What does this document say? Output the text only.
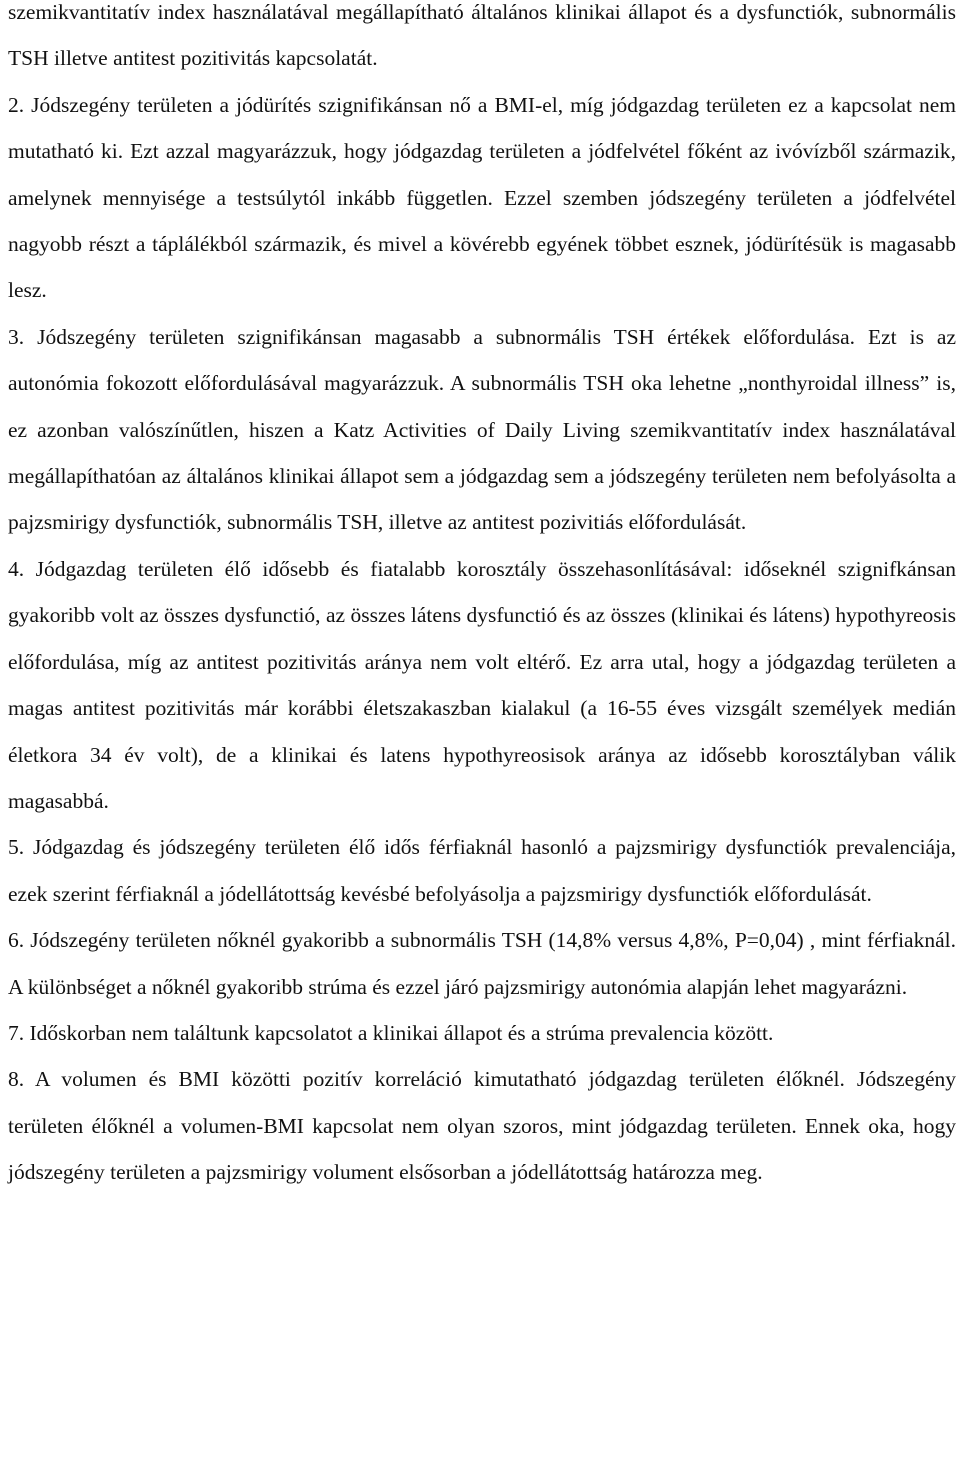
szemikvantitatív index használatával megállapítható általános klinikai állapot és a dysfunctiók, subnormális TSH illetve antitest pozitivitás kapcsolatát.

2. Jódszegény területen a jódürítés szignifikánsan nő a BMI-el, míg jódgazdag területen ez a kapcsolat nem mutatható ki. Ezt azzal magyarázzuk, hogy jódgazdag területen a jódfelvétel főként az ivóvízből származik, amelynek mennyisége a testsúlytól inkább független. Ezzel szemben jódszegény területen a jódfelvétel nagyobb részt a táplálékból származik, és mivel a kövérebb egyének többet esznek, jódürítésük is magasabb lesz.

3. Jódszegény területen szignifikánsan magasabb a subnormális TSH értékek előfordulása. Ezt is az autonómia fokozott előfordulásával magyarázzuk. A subnormális TSH oka lehetne „nonthyroidal illness” is, ez azonban valószínűtlen, hiszen a Katz Activities of Daily Living szemikvantitatív index használatával megállapíthatóan az általános klinikai állapot sem a jódgazdag sem a jódszegény területen nem befolyásolta a pajzsmirigy dysfunctiók, subnormális TSH, illetve az antitest pozivitiás előfordulását.

4. Jódgazdag területen élő idősebb és fiatalabb korosztály összehasonlításával: időseknél szignifkánsan gyakoribb volt az összes dysfunctió, az összes látens dysfunctió és az összes (klinikai és látens) hypothyreosis előfordulása, míg az antitest pozitivitás aránya nem volt eltérő. Ez arra utal, hogy a jódgazdag területen a magas antitest pozitivitás már korábbi életszakaszban kialakul (a 16-55 éves vizsgált személyek medián életkora 34 év volt), de a klinikai és latens hypothyreosisok aránya az idősebb korosztályban válik magasabbá.

5. Jódgazdag és jódszegény területen élő idős férfiaknál hasonló a pajzsmirigy dysfunctiók prevalenciája, ezek szerint férfiaknál a jódellátottság kevésbé befolyásolja a pajzsmirigy dysfunctiók előfordulását.

6. Jódszegény területen nőknél gyakoribb a subnormális TSH (14,8% versus 4,8%, P=0,04) , mint férfiaknál. A különbséget a nőknél gyakoribb strúma és ezzel járó pajzsmirigy autonómia alapján lehet magyarázni.

7. Időskorban nem találtunk kapcsolatot a klinikai állapot és a strúma prevalencia között.

8. A volumen és BMI közötti pozitív korreláció kimutatható jódgazdag területen élőknél. Jódszegény területen élőknél a volumen-BMI kapcsolat nem olyan szoros, mint jódgazdag területen. Ennek oka, hogy jódszegény területen a pajzsmirigy volument elsősorban a jódellátottság határozza meg.
